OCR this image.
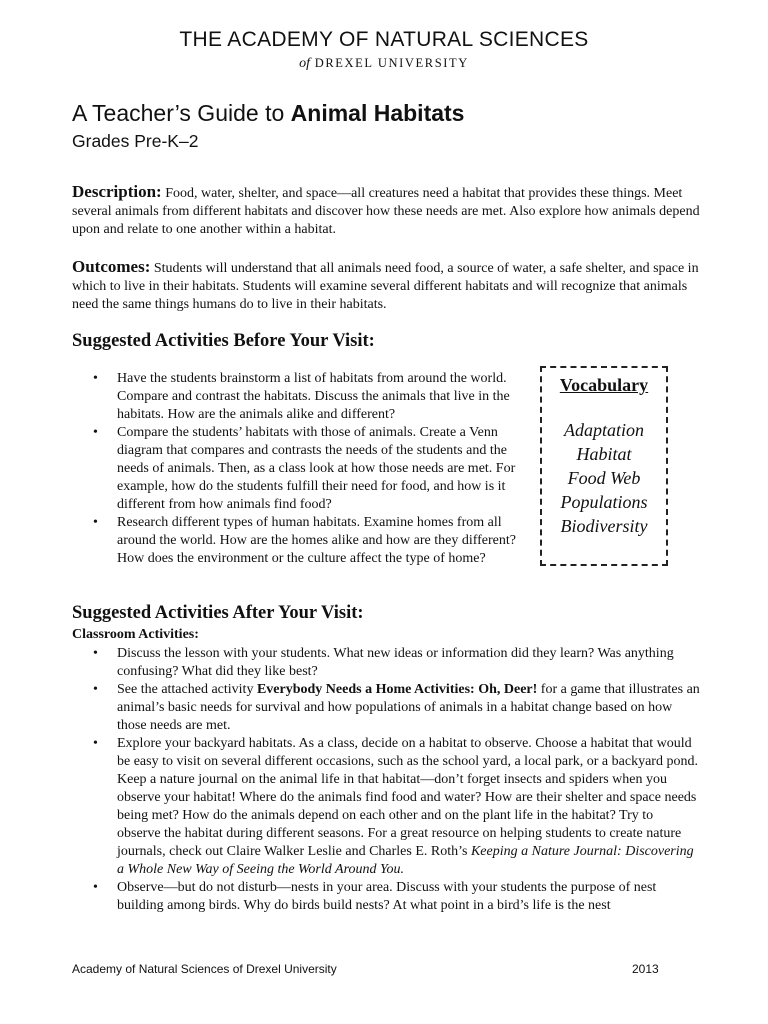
THE ACADEMY OF NATURAL SCIENCES
of DREXEL UNIVERSITY
A Teacher’s Guide to Animal Habitats
Grades Pre-K–2
Description: Food, water, shelter, and space—all creatures need a habitat that provides these things. Meet several animals from different habitats and discover how these needs are met. Also explore how animals depend upon and relate to one another within a habitat.
Outcomes: Students will understand that all animals need food, a source of water, a safe shelter, and space in which to live in their habitats. Students will examine several different habitats and will recognize that animals need the same things humans do to live in their habitats.
Suggested Activities Before Your Visit:
• Have the students brainstorm a list of habitats from around the world. Compare and contrast the habitats. Discuss the animals that live in the habitats. How are the animals alike and different?
• Compare the students’ habitats with those of animals. Create a Venn diagram that compares and contrasts the needs of the students and the needs of animals. Then, as a class look at how those needs are met. For example, how do the students fulfill their need for food, and how is it different from how animals find food?
• Research different types of human habitats. Examine homes from all around the world. How are the homes alike and how are they different? How does the environment or the culture affect the type of home?
Vocabulary
Adaptation
Habitat
Food Web
Populations
Biodiversity
Suggested Activities After Your Visit:
Classroom Activities:
• Discuss the lesson with your students. What new ideas or information did they learn? Was anything confusing? What did they like best?
• See the attached activity Everybody Needs a Home Activities: Oh, Deer! for a game that illustrates an animal’s basic needs for survival and how populations of animals in a habitat change based on how those needs are met.
• Explore your backyard habitats. As a class, decide on a habitat to observe. Choose a habitat that would be easy to visit on several different occasions, such as the school yard, a local park, or a backyard pond. Keep a nature journal on the animal life in that habitat—don’t forget insects and spiders when you observe your habitat! Where do the animals find food and water? How are their shelter and space needs being met? How do the animals depend on each other and on the plant life in the habitat? Try to observe the habitat during different seasons. For a great resource on helping students to create nature journals, check out Claire Walker Leslie and Charles E. Roth’s Keeping a Nature Journal: Discovering a Whole New Way of Seeing the World Around You.
• Observe—but do not disturb—nests in your area. Discuss with your students the purpose of nest building among birds. Why do birds build nests? At what point in a bird’s life is the nest
Academy of Natural Sciences of Drexel University	2013
